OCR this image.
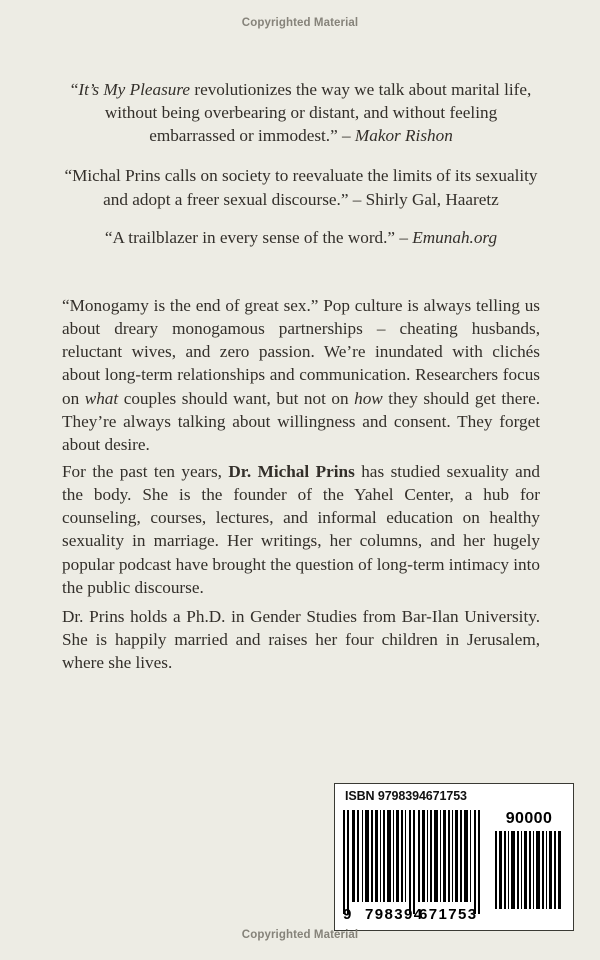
Copyrighted Material

“It’s My Pleasure revolutionizes the way we talk about marital life, without being overbearing or distant, and without feeling embarrassed or immodest.” – Makor Rishon

“Michal Prins calls on society to reevaluate the limits of its sexuality and adopt a freer sexual discourse.” – Shirly Gal, Haaretz

“A trailblazer in every sense of the word.” – Emunah.org

“Monogamy is the end of great sex.” Pop culture is always telling us about dreary monogamous partnerships – cheating husbands, reluctant wives, and zero passion. We’re inundated with clichés about long-term relationships and communication. Researchers focus on what couples should want, but not on how they should get there. They’re always talking about willingness and consent. They forget about desire.

For the past ten years, Dr. Michal Prins has studied sexuality and the body. She is the founder of the Yahel Center, a hub for counseling, courses, lectures, and informal education on healthy sexuality in marriage. Her writings, her columns, and her hugely popular podcast have brought the question of long-term intimacy into the public discourse.

Dr. Prins holds a Ph.D. in Gender Studies from Bar-Ilan University. She is happily married and raises her four children in Jerusalem, where she lives.

ISBN 9798394671753
9 798394
671753
90000
Copyrighted Material
